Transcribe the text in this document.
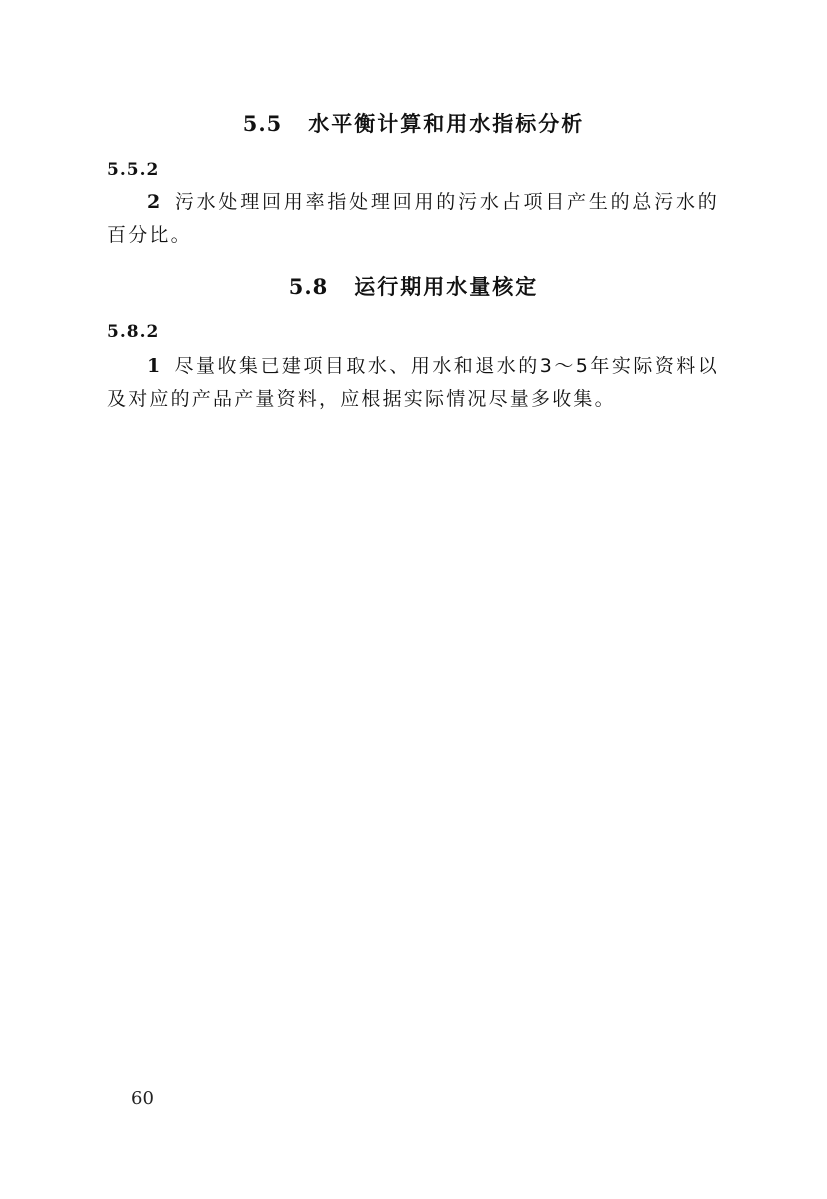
5.5 水平衡计算和用水指标分析
5.5.2
2 污水处理回用率指处理回用的污水占项目产生的总污水的百分比。
5.8 运行期用水量核定
5.8.2
1 尽量收集已建项目取水、用水和退水的3～5年实际资料以及对应的产品产量资料，应根据实际情况尽量多收集。
60
